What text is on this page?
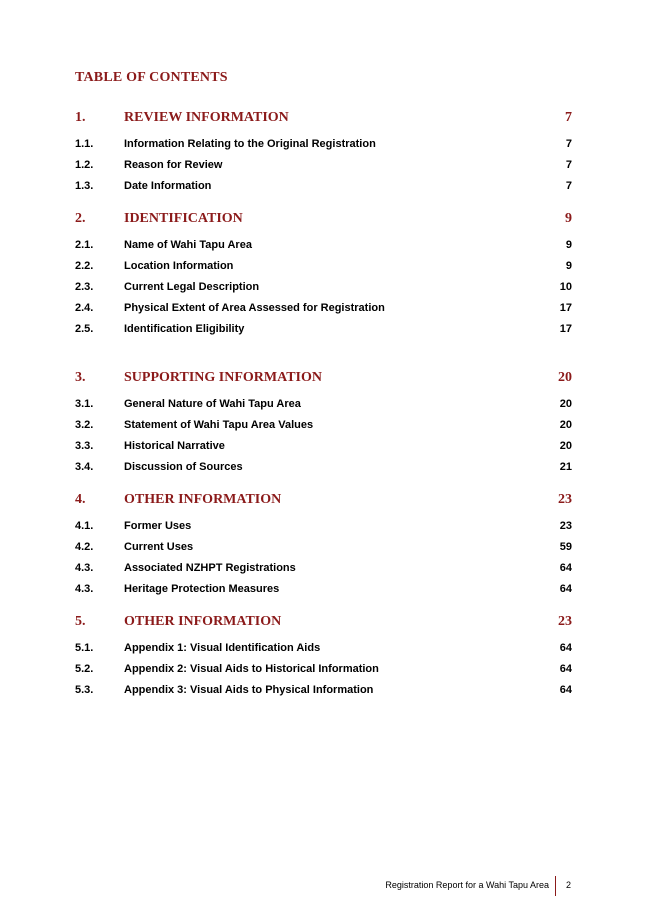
TABLE OF CONTENTS
1.	REVIEW INFORMATION	7
1.1.	Information Relating to the Original Registration	7
1.2.	Reason for Review	7
1.3.	Date Information	7
2.	IDENTIFICATION	9
2.1.	Name of Wahi Tapu Area	9
2.2.	Location Information	9
2.3.	Current Legal Description	10
2.4.	Physical Extent of Area Assessed for Registration	17
2.5.	Identification Eligibility	17
3.	SUPPORTING INFORMATION	20
3.1.	General Nature of Wahi Tapu Area	20
3.2.	Statement of Wahi Tapu Area Values	20
3.3.	Historical Narrative	20
3.4.	Discussion of Sources	21
4.	OTHER INFORMATION	23
4.1.	Former Uses	23
4.2.	Current Uses	59
4.3.	Associated NZHPT Registrations	64
4.3.	Heritage Protection Measures	64
5.	OTHER INFORMATION	23
5.1.	Appendix 1: Visual Identification Aids	64
5.2.	Appendix 2: Visual Aids to Historical Information	64
5.3.	Appendix 3: Visual Aids to Physical Information	64
Registration Report for a Wahi Tapu Area 2
